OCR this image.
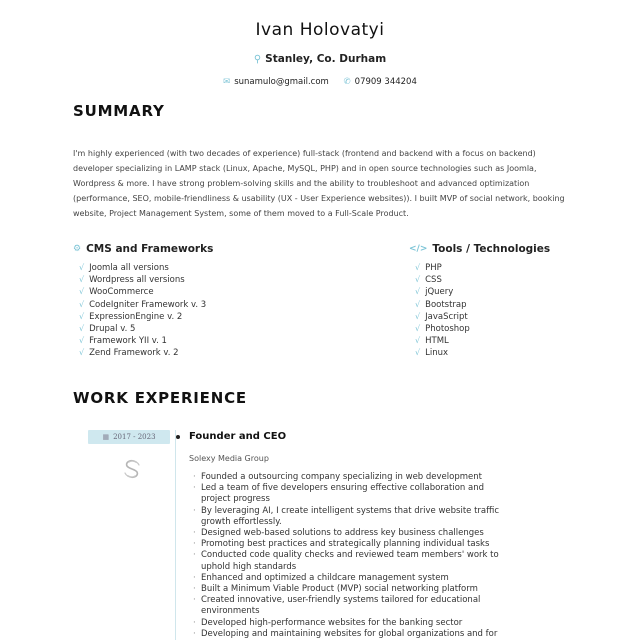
Ivan Holovatyi
⚲ Stanley, Co. Durham
✉ sunamulo@gmail.com ✆ 07909 344204
SUMMARY

I'm highly experienced (with two decades of experience) full-stack (frontend and backend with a focus on backend) developer specializing in LAMP stack (Linux, Apache, MySQL, PHP) and in open source technologies such as Joomla, Wordpress & more. I have strong problem-solving skills and the ability to troubleshoot and advanced optimization (performance, SEO, mobile-friendliness & usability (UX - User Experience websites)). I built MVP of social network, booking website, Project Management System, some of them moved to a Full-Scale Product.

⚙ CMS and Frameworks
√ Joomla all versions
√ Wordpress all versions
√ WooCommerce
√ CodeIgniter Framework v. 3
√ ExpressionEngine v. 2
√ Drupal v. 5
√ Framework YII v. 1
√ Zend Framework v. 2
</> Tools / Technologies
√ PHP
√ CSS
√ jQuery
√ Bootstrap
√ JavaScript
√ Photoshop
√ HTML
√ Linux
WORK EXPERIENCE
▦ 2017 - 2023	Founder and CEO
Solexy Media Group
· Founded a outsourcing company specializing in web development
· Led a team of five developers ensuring effective collaboration and project progress
· By leveraging AI, I create intelligent systems that drive website traffic growth effortlessly.
· Designed web-based solutions to address key business challenges
· Promoting best practices and strategically planning individual tasks
· Conducted code quality checks and reviewed team members' work to uphold high standards
· Enhanced and optimized a childcare management system
· Built a Minimum Viable Product (MVP) social networking platform
· Created innovative, user-friendly systems tailored for educational environments
· Developed high-performance websites for the banking sector
· Developing and maintaining websites for global organizations and for
